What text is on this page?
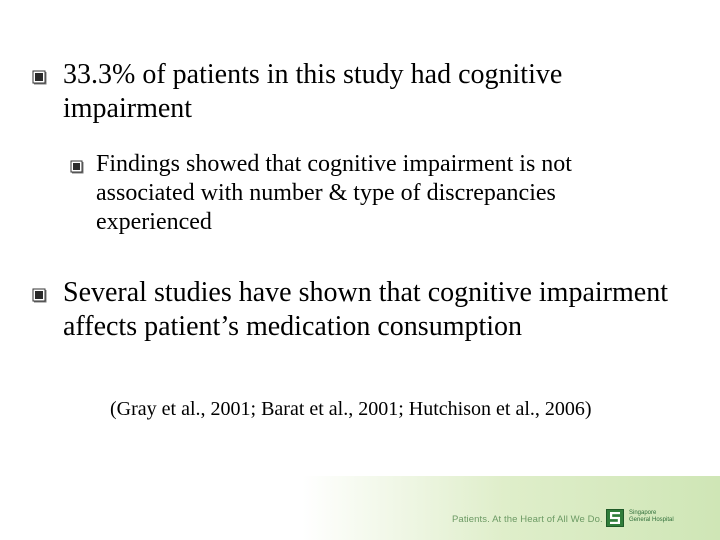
33.3% of patients in this study had cognitive impairment
Findings showed that cognitive impairment is not associated with number & type of discrepancies experienced
Several studies have shown that cognitive impairment affects patient’s medication consumption
(Gray et al., 2001; Barat et al., 2001; Hutchison et al., 2006)
Patients. At the Heart of All We Do.
Singapore
General Hospital
